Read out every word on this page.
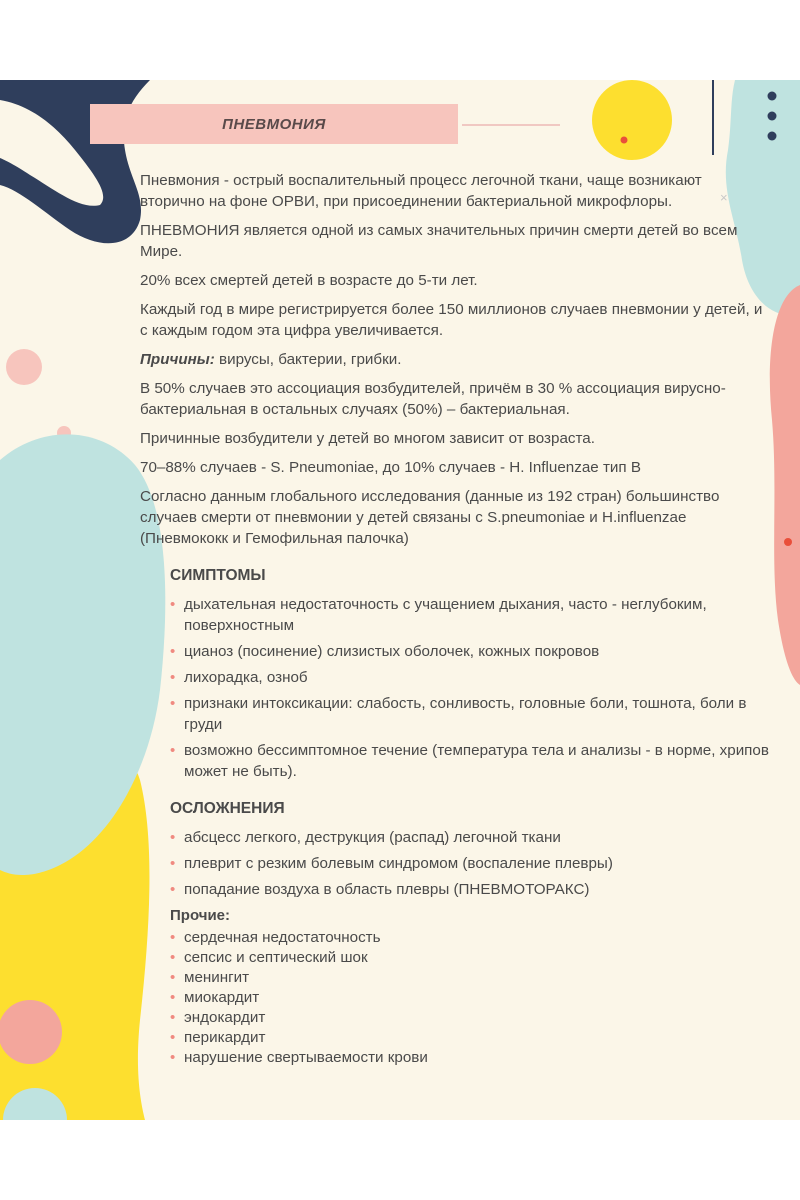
×
ПНЕВМОНИЯ

Пневмония - острый воспалительный процесс легочной ткани, чаще возникают вторично на фоне ОРВИ, при присоединении бактериальной микрофлоры.

ПНЕВМОНИЯ является одной из самых значительных причин смерти детей во всем Мире.

20% всех смертей детей в возрасте до 5-ти лет.

Каждый год в мире регистрируется более 150 миллионов случаев пневмонии у детей, и с каждым годом эта цифра увеличивается.

Причины: вирусы, бактерии, грибки.

В 50% случаев это ассоциация возбудителей, причём в 30 % ассоциация вирусно-бактериальная в остальных случаях (50%) – бактериальная.

Причинные возбудители у детей во многом зависит от возраста.

70–88% случаев - S. Pneumoniae, до 10% случаев - H. Influenzae тип В

Согласно данным глобального исследования (данные из 192 стран) большинство случаев смерти от пневмонии у детей связаны с S.pneumoniae и H.influenzae (Пневмококк и Гемофильная палочка)

СИМПТОМЫ
• дыхательная недостаточность с учащением дыхания, часто - неглубоким, поверхностным
• цианоз (посинение) слизистых оболочек, кожных покровов
• лихорадка, озноб
• признаки интоксикации: слабость, сонливость, головные боли, тошнота, боли в груди
• возможно бессимптомное течение (температура тела и анализы - в норме, хрипов может не быть).
ОСЛОЖНЕНИЯ
• абсцесс легкого, деструкция (распад) легочной ткани
• плеврит с резким болевым синдромом (воспаление плевры)
• попадание воздуха в область плевры (ПНЕВМОТОРАКС)
Прочие:
• сердечная недостаточность
• сепсис и септический шок
• менингит
• миокардит
• эндокардит
• перикардит
• нарушение свертываемости крови
